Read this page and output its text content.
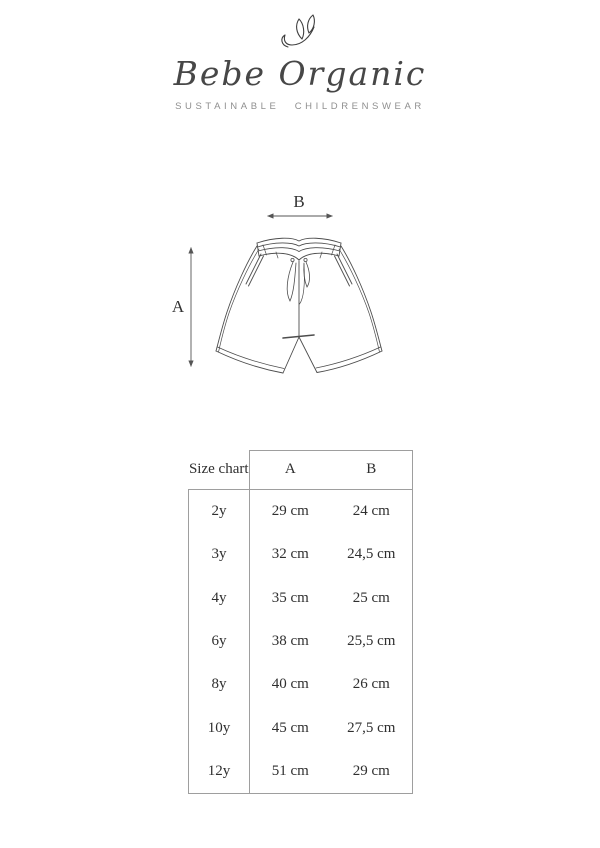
Bebe Organic
SUSTAINABLE CHILDRENSWEAR
B
A
Size chart	A	B
2y	29 cm	24 cm
3y	32 cm	24,5 cm
4y	35 cm	25 cm
6y	38 cm	25,5 cm
8y	40 cm	26 cm
10y	45 cm	27,5 cm
12y	51 cm	29 cm
